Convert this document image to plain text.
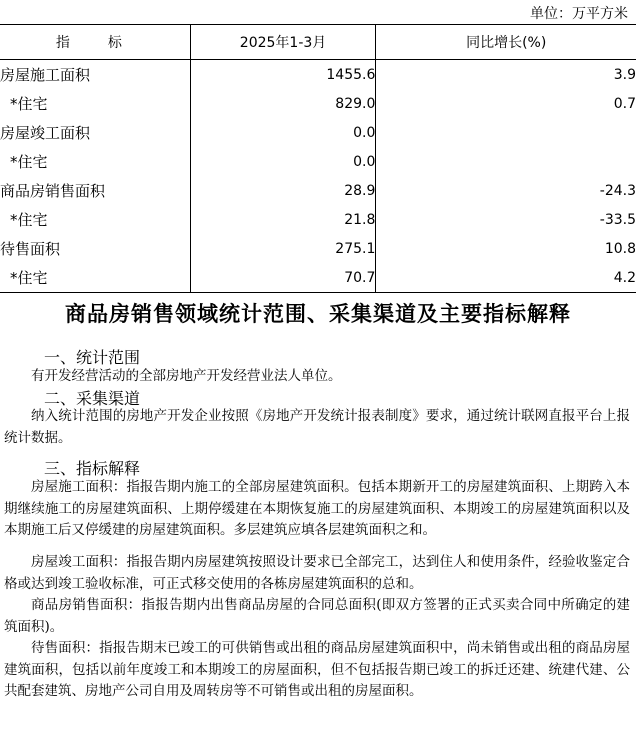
单位：万平方米
指　标	2025年1-3月	同比增长(%)
房屋施工面积	1455.6	3.9
*住宅	829.0	0.7
房屋竣工面积	0.0	
*住宅	0.0	
商品房销售面积	28.9	-24.3
*住宅	21.8	-33.5
待售面积	275.1	10.8
*住宅	70.7	4.2
商品房销售领域统计范围、采集渠道及主要指标解释
一、统计范围
有开发经营活动的全部房地产开发经营业法人单位。
二、采集渠道
纳入统计范围的房地产开发企业按照《房地产开发统计报表制度》要求，通过统计联网直报平台上报统计数据。
三、指标解释
房屋施工面积：指报告期内施工的全部房屋建筑面积。包括本期新开工的房屋建筑面积、上期跨入本期继续施工的房屋建筑面积、上期停缓建在本期恢复施工的房屋建筑面积、本期竣工的房屋建筑面积以及本期施工后又停缓建的房屋建筑面积。多层建筑应填各层建筑面积之和。
房屋竣工面积：指报告期内房屋建筑按照设计要求已全部完工，达到住人和使用条件，经验收鉴定合格或达到竣工验收标准，可正式移交使用的各栋房屋建筑面积的总和。
商品房销售面积：指报告期内出售商品房屋的合同总面积(即双方签署的正式买卖合同中所确定的建筑面积)。
待售面积：指报告期末已竣工的可供销售或出租的商品房屋建筑面积中，尚未销售或出租的商品房屋建筑面积，包括以前年度竣工和本期竣工的房屋面积，但不包括报告期已竣工的拆迁还建、统建代建、公共配套建筑、房地产公司自用及周转房等不可销售或出租的房屋面积。
